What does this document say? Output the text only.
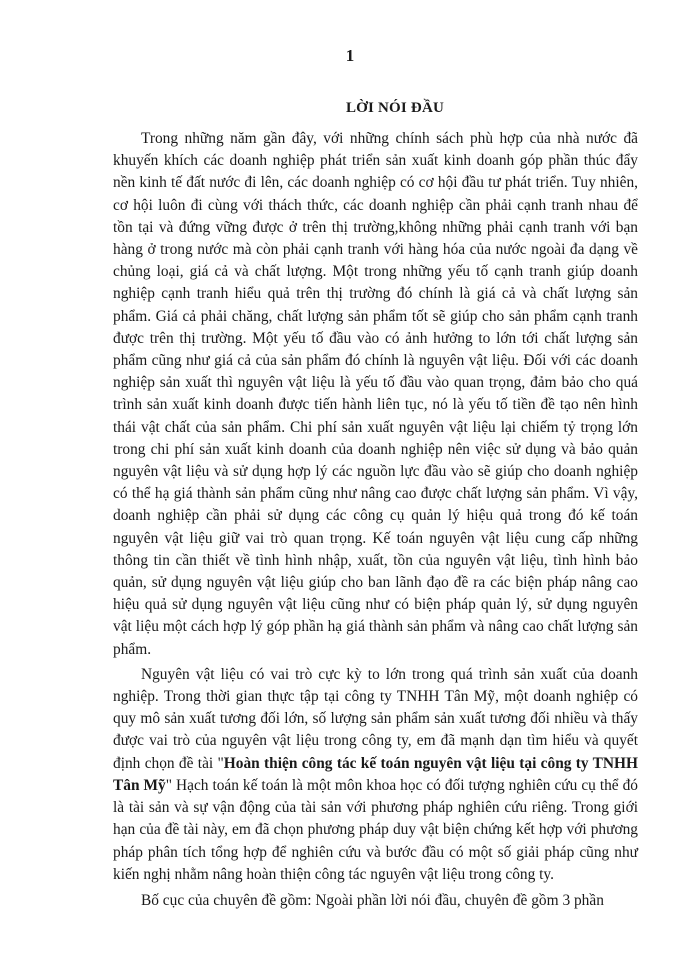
1
LỜI NÓI ĐẦU

Trong những năm gần đây, với những chính sách phù hợp của nhà nước đã khuyến khích các doanh nghiệp phát triển sản xuất kinh doanh góp phần thúc đẩy nền kinh tế đất nước đi lên, các doanh nghiệp có cơ hội đầu tư phát triển. Tuy nhiên, cơ hội luôn đi cùng với thách thức, các doanh nghiệp cần phải cạnh tranh nhau để tồn tại và đứng vững được ở trên thị trường,không những phải cạnh tranh với bạn hàng ở trong nước mà còn phải cạnh tranh với hàng hóa của nước ngoài đa dạng về chủng loại, giá cả và chất lượng. Một trong những yếu tố cạnh tranh giúp doanh nghiệp cạnh tranh hiểu quả trên thị trường đó chính là giá cả và chất lượng sản phẩm. Giá cả phải chăng, chất lượng sản phẩm tốt sẽ giúp cho sản phẩm cạnh tranh được trên thị trường. Một yếu tố đầu vào có ảnh hưởng to lớn tới chất lượng sản phẩm cũng như giá cả của sản phẩm đó chính là nguyên vật liệu. Đối với các doanh nghiệp sản xuất thì nguyên vật liệu là yếu tố đầu vào quan trọng, đảm bảo cho quá trình sản xuất kinh doanh được tiến hành liên tục, nó là yếu tố tiền đề tạo nên hình thái vật chất của sản phẩm. Chi phí sản xuất nguyên vật liệu lại chiếm tỷ trọng lớn trong chi phí sản xuất kinh doanh của doanh nghiệp nên việc sử dụng và bảo quản nguyên vật liệu và sử dụng hợp lý các nguồn lực đầu vào sẽ giúp cho doanh nghiệp có thể hạ giá thành sản phẩm cũng như nâng cao được chất lượng sản phẩm. Vì vậy, doanh nghiệp cần phải sử dụng các công cụ quản lý hiệu quả trong đó kế toán nguyên vật liệu giữ vai trò quan trọng. Kế toán nguyên vật liệu cung cấp những thông tin cần thiết về tình hình nhập, xuất, tồn của nguyên vật liệu, tình hình bảo quản, sử dụng nguyên vật liệu giúp cho ban lãnh đạo đề ra các biện pháp nâng cao hiệu quả sử dụng nguyên vật liệu cũng như có biện pháp quản lý, sử dụng nguyên vật liệu một cách hợp lý góp phần hạ giá thành sản phẩm và nâng cao chất lượng sản phẩm.

Nguyên vật liệu có vai trò cực kỳ to lớn trong quá trình sản xuất của doanh nghiệp. Trong thời gian thực tập tại công ty TNHH Tân Mỹ, một doanh nghiệp có quy mô sản xuất tương đối lớn, số lượng sản phẩm sản xuất tương đối nhiều và thấy được vai trò của nguyên vật liệu trong công ty, em đã mạnh dạn tìm hiểu và quyết định chọn đề tài "Hoàn thiện công tác kế toán nguyên vật liệu tại công ty TNHH Tân Mỹ" Hạch toán kế toán là một môn khoa học có đối tượng nghiên cứu cụ thể đó là tài sản và sự vận động của tài sản với phương pháp nghiên cứu riêng. Trong giới hạn của đề tài này, em đã chọn phương pháp duy vật biện chứng kết hợp với phương pháp phân tích tổng hợp để nghiên cứu và bước đầu có một số giải pháp cũng như kiến nghị nhằm nâng hoàn thiện công tác nguyên vật liệu trong công ty.

Bố cục của chuyên đề gồm: Ngoài phần lời nói đầu, chuyên đề gồm 3 phần
